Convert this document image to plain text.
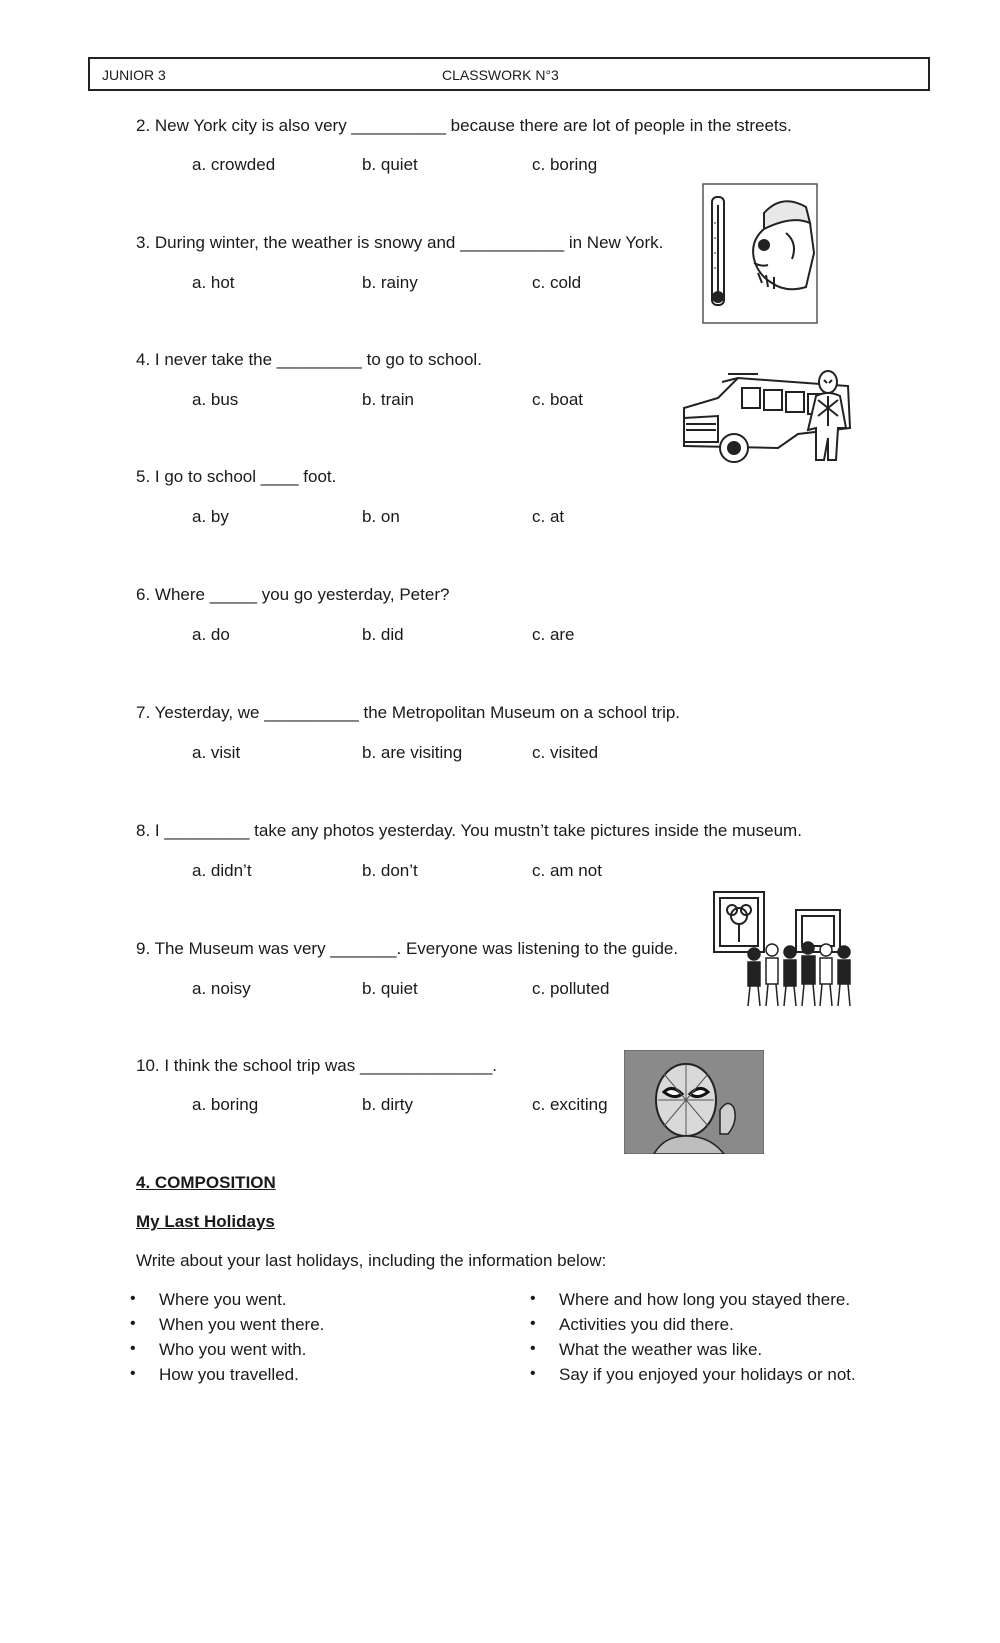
JUNIOR 3	CLASSWORK N°3
2. New York city is also very __________ because there are lot of people in the streets.
a. crowded	b. quiet	c. boring
3. During winter, the weather is snowy and ___________ in New York.
a. hot	b. rainy	c. cold
4. I never take the _________ to go to school.
a. bus	b. train	c. boat
5. I go to school ____ foot.
a. by	b. on	c. at
6. Where _____ you go yesterday, Peter?
a. do	b. did	c. are
7. Yesterday, we __________ the Metropolitan Museum on a school trip.
a. visit	b. are visiting	c. visited
8. I _________ take any photos yesterday. You mustn’t take pictures inside the museum.
a. didn’t	b. don’t	c. am not
9. The Museum was very _______. Everyone was listening to the guide.
a. noisy	b. quiet	c. polluted
10. I think the school trip was ______________.
a. boring	b. dirty	c. exciting
4. COMPOSITION
My Last Holidays
Write about your last holidays, including the information below:
• Where you went.
• When you went there.
• Who you went with.
• How you travelled.
• Where and how long you stayed there.
• Activities you did there.
• What the weather was like.
• Say if you enjoyed your holidays or not.
